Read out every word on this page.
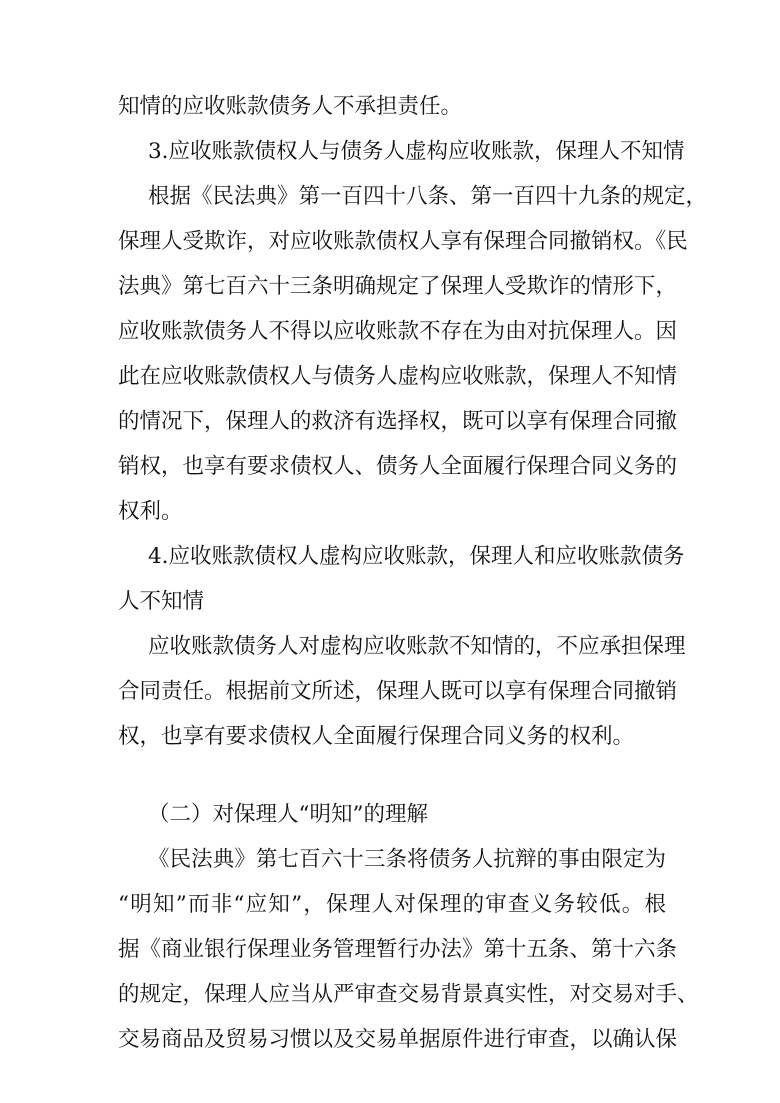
知情的应收账款债务人不承担责任。
3.应收账款债权人与债务人虚构应收账款，保理人不知情
根据《民法典》第一百四十八条、第一百四十九条的规定，
保理人受欺诈，对应收账款债权人享有保理合同撤销权。《民
法典》第七百六十三条明确规定了保理人受欺诈的情形下，
应收账款债务人不得以应收账款不存在为由对抗保理人。因
此在应收账款债权人与债务人虚构应收账款，保理人不知情
的情况下，保理人的救济有选择权，既可以享有保理合同撤
销权，也享有要求债权人、债务人全面履行保理合同义务的
权利。
4.应收账款债权人虚构应收账款，保理人和应收账款债务
人不知情
应收账款债务人对虚构应收账款不知情的，不应承担保理
合同责任。根据前文所述，保理人既可以享有保理合同撤销
权，也享有要求债权人全面履行保理合同义务的权利。
（二）对保理人“明知”的理解
《民法典》第七百六十三条将债务人抗辩的事由限定为
“明知”而非“应知”，保理人对保理的审查义务较低。根
据《商业银行保理业务管理暂行办法》第十五条、第十六条
的规定，保理人应当从严审查交易背景真实性，对交易对手、
交易商品及贸易习惯以及交易单据原件进行审查，以确认保
